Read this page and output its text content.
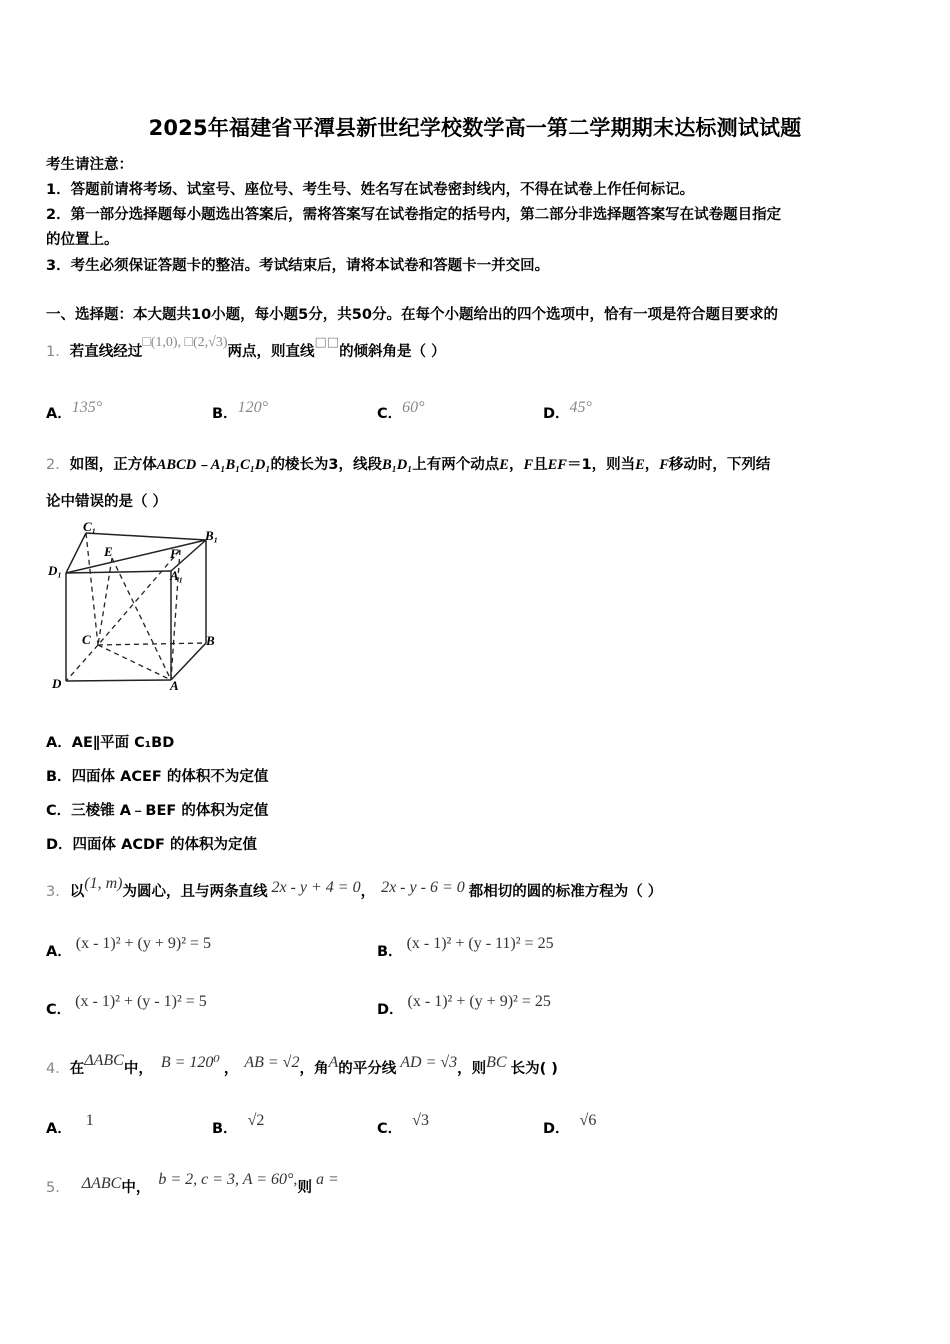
2025年福建省平潭县新世纪学校数学高一第二学期期末达标测试试题
考生请注意：
1．答题前请将考场、试室号、座位号、考生号、姓名写在试卷密封线内，不得在试卷上作任何标记。
2．第一部分选择题每小题选出答案后，需将答案写在试卷指定的括号内，第二部分非选择题答案写在试卷题目指定
的位置上。
3．考生必须保证答题卡的整洁。考试结束后，请将本试卷和答题卡一并交回。
一、选择题：本大题共10小题，每小题5分，共50分。在每个小题给出的四个选项中，恰有一项是符合题目要求的
1．若直线经过□(1,0), □(2,√3)两点，则直线□□的倾斜角是（ ）
A．135°	B．120°	C．60°	D．45°
2．如图，正方体ABCD﹣A₁B₁C₁D₁的棱长为3，线段B₁D₁上有两个动点E，F且EF＝1，则当E，F移动时，下列结
论中错误的是（ ）
C₁
B₁
D₁
E	F
A₁
C	B
D	A
A．AE∥平面 C₁BD
B．四面体 ACEF 的体积不为定值
C．三棱锥 A﹣BEF 的体积为定值
D．四面体 ACDF 的体积为定值
3．以(1, m)为圆心，且与两条直线 2x - y + 4 = 0， 2x - y - 6 = 0 都相切的圆的标准方程为（ ）
A． (x - 1)² + (y + 9)² = 5	B． (x - 1)² + (y - 11)² = 25
C． (x - 1)² + (y - 1)² = 5	D． (x - 1)² + (y + 9)² = 25
4．在ΔABC中， B = 120⁰ ， AB = √2，角A的平分线 AD = √3，则BC 长为( )
A． 1	B． √2	C． √3	D． √6
5． ΔABC中， b = 2, c = 3, A = 60°,则 a =
